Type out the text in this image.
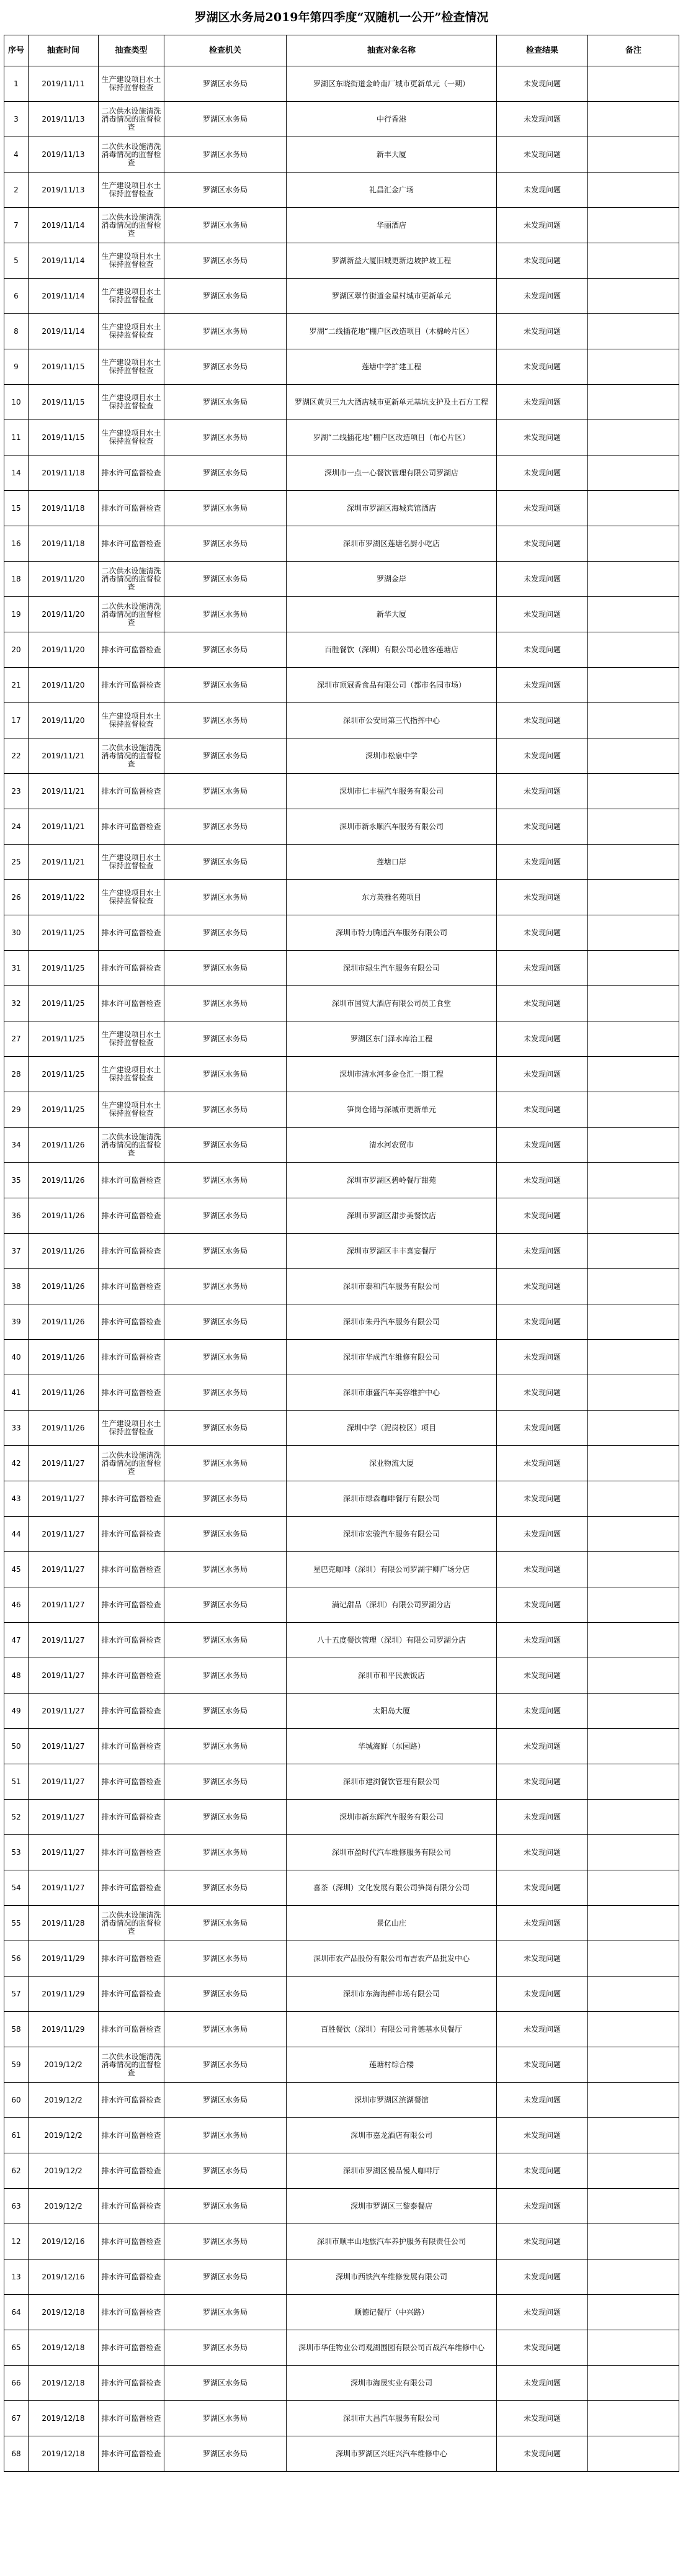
罗湖区水务局2019年第四季度“双随机一公开”检查情况
序号	抽查时间	抽查类型	检查机关	抽查对象名称	检查结果	备注
1	2019/11/11	生产建设项目水土保持监督检查	罗湖区水务局	罗湖区东晓街道金岭南厂城市更新单元（一期）	未发现问题	
3	2019/11/13	二次供水设施清洗消毒情况的监督检查	罗湖区水务局	中行香港	未发现问题	
4	2019/11/13	二次供水设施清洗消毒情况的监督检查	罗湖区水务局	新丰大厦	未发现问题	
2	2019/11/13	生产建设项目水土保持监督检查	罗湖区水务局	礼昌汇金广场	未发现问题	
7	2019/11/14	二次供水设施清洗消毒情况的监督检查	罗湖区水务局	华丽酒店	未发现问题	
5	2019/11/14	生产建设项目水土保持监督检查	罗湖区水务局	罗湖新益大厦旧城更新边坡护坡工程	未发现问题	
6	2019/11/14	生产建设项目水土保持监督检查	罗湖区水务局	罗湖区翠竹街道金星村城市更新单元	未发现问题	
8	2019/11/14	生产建设项目水土保持监督检查	罗湖区水务局	罗湖“二线插花地”棚户区改造项目（木棉岭片区）	未发现问题	
9	2019/11/15	生产建设项目水土保持监督检查	罗湖区水务局	莲塘中学扩建工程	未发现问题	
10	2019/11/15	生产建设项目水土保持监督检查	罗湖区水务局	罗湖区黄贝三九大酒店城市更新单元基坑支护及土石方工程	未发现问题	
11	2019/11/15	生产建设项目水土保持监督检查	罗湖区水务局	罗湖“二线插花地”棚户区改造项目（布心片区）	未发现问题	
14	2019/11/18	排水许可监督检查	罗湖区水务局	深圳市一点一心餐饮管理有限公司罗湖店	未发现问题	
15	2019/11/18	排水许可监督检查	罗湖区水务局	深圳市罗湖区海城宾馆酒店	未发现问题	
16	2019/11/18	排水许可监督检查	罗湖区水务局	深圳市罗湖区莲塘名厨小吃店	未发现问题	
18	2019/11/20	二次供水设施清洗消毒情况的监督检查	罗湖区水务局	罗湖金岸	未发现问题	
19	2019/11/20	二次供水设施清洗消毒情况的监督检查	罗湖区水务局	新华大厦	未发现问题	
20	2019/11/20	排水许可监督检查	罗湖区水务局	百胜餐饮（深圳）有限公司必胜客莲塘店	未发现问题	
21	2019/11/20	排水许可监督检查	罗湖区水务局	深圳市顶冠香食品有限公司（都市名园市场）	未发现问题	
17	2019/11/20	生产建设项目水土保持监督检查	罗湖区水务局	深圳市公安局第三代指挥中心	未发现问题	
22	2019/11/21	二次供水设施清洗消毒情况的监督检查	罗湖区水务局	深圳市松泉中学	未发现问题	
23	2019/11/21	排水许可监督检查	罗湖区水务局	深圳市仁丰福汽车服务有限公司	未发现问题	
24	2019/11/21	排水许可监督检查	罗湖区水务局	深圳市新永顺汽车服务有限公司	未发现问题	
25	2019/11/21	生产建设项目水土保持监督检查	罗湖区水务局	莲塘口岸	未发现问题	
26	2019/11/22	生产建设项目水土保持监督检查	罗湖区水务局	东方英雅名苑项目	未发现问题	
30	2019/11/25	排水许可监督检查	罗湖区水务局	深圳市特力腾通汽车服务有限公司	未发现问题	
31	2019/11/25	排水许可监督检查	罗湖区水务局	深圳市绿生汽车服务有限公司	未发现问题	
32	2019/11/25	排水许可监督检查	罗湖区水务局	深圳市国贸大酒店有限公司员工食堂	未发现问题	
27	2019/11/25	生产建设项目水土保持监督检查	罗湖区水务局	罗湖区东门泽水库治工程	未发现问题	
28	2019/11/25	生产建设项目水土保持监督检查	罗湖区水务局	深圳市清水河多金仓汇一期工程	未发现问题	
29	2019/11/25	生产建设项目水土保持监督检查	罗湖区水务局	笋岗仓储与深城市更新单元	未发现问题	
34	2019/11/26	二次供水设施清洗消毒情况的监督检查	罗湖区水务局	清水河农贸市	未发现问题	
35	2019/11/26	排水许可监督检查	罗湖区水务局	深圳市罗湖区碧岭餐厅甜苑	未发现问题	
36	2019/11/26	排水许可监督检查	罗湖区水务局	深圳市罗湖区甜步美餐饮店	未发现问题	
37	2019/11/26	排水许可监督检查	罗湖区水务局	深圳市罗湖区丰丰喜宴餐厅	未发现问题	
38	2019/11/26	排水许可监督检查	罗湖区水务局	深圳市泰和汽车服务有限公司	未发现问题	
39	2019/11/26	排水许可监督检查	罗湖区水务局	深圳市朱丹汽车服务有限公司	未发现问题	
40	2019/11/26	排水许可监督检查	罗湖区水务局	深圳市华成汽车维修有限公司	未发现问题	
41	2019/11/26	排水许可监督检查	罗湖区水务局	深圳市康盛汽车美容维护中心	未发现问题	
33	2019/11/26	生产建设项目水土保持监督检查	罗湖区水务局	深圳中学（泥岗校区）项目	未发现问题	
42	2019/11/27	二次供水设施清洗消毒情况的监督检查	罗湖区水务局	深业物流大厦	未发现问题	
43	2019/11/27	排水许可监督检查	罗湖区水务局	深圳市绿森咖啡餐厅有限公司	未发现问题	
44	2019/11/27	排水许可监督检查	罗湖区水务局	深圳市宏骏汽车服务有限公司	未发现问题	
45	2019/11/27	排水许可监督检查	罗湖区水务局	星巴克咖啡（深圳）有限公司罗湖宇卿广场分店	未发现问题	
46	2019/11/27	排水许可监督检查	罗湖区水务局	满记甜品（深圳）有限公司罗湖分店	未发现问题	
47	2019/11/27	排水许可监督检查	罗湖区水务局	八十五度餐饮管理（深圳）有限公司罗湖分店	未发现问题	
48	2019/11/27	排水许可监督检查	罗湖区水务局	深圳市和平民族饭店	未发现问题	
49	2019/11/27	排水许可监督检查	罗湖区水务局	太阳岛大厦	未发现问题	
50	2019/11/27	排水许可监督检查	罗湖区水务局	华城海鲜（东园路）	未发现问题	
51	2019/11/27	排水许可监督检查	罗湖区水务局	深圳市建浏餐饮管理有限公司	未发现问题	
52	2019/11/27	排水许可监督检查	罗湖区水务局	深圳市新东辉汽车服务有限公司	未发现问题	
53	2019/11/27	排水许可监督检查	罗湖区水务局	深圳市盈时代汽车维修服务有限公司	未发现问题	
54	2019/11/27	排水许可监督检查	罗湖区水务局	喜茶（深圳）文化发展有限公司笋岗有限分公司	未发现问题	
55	2019/11/28	二次供水设施清洗消毒情况的监督检查	罗湖区水务局	景亿山庄	未发现问题	
56	2019/11/29	排水许可监督检查	罗湖区水务局	深圳市农产品股份有限公司布吉农产品批发中心	未发现问题	
57	2019/11/29	排水许可监督检查	罗湖区水务局	深圳市东海海鲜市场有限公司	未发现问题	
58	2019/11/29	排水许可监督检查	罗湖区水务局	百胜餐饮（深圳）有限公司肯德基水贝餐厅	未发现问题	
59	2019/12/2	二次供水设施清洗消毒情况的监督检查	罗湖区水务局	莲塘村综合楼	未发现问题	
60	2019/12/2	排水许可监督检查	罗湖区水务局	深圳市罗湖区滨湖餐馆	未发现问题	
61	2019/12/2	排水许可监督检查	罗湖区水务局	深圳市嘉龙酒店有限公司	未发现问题	
62	2019/12/2	排水许可监督检查	罗湖区水务局	深圳市罗湖区慢品慢人咖啡厅	未发现问题	
63	2019/12/2	排水许可监督检查	罗湖区水务局	深圳市罗湖区三黎泰餐店	未发现问题	
12	2019/12/16	排水许可监督检查	罗湖区水务局	深圳市顺丰山地旅汽车养护服务有限责任公司	未发现问题	
13	2019/12/16	排水许可监督检查	罗湖区水务局	深圳市西铁汽车维修发展有限公司	未发现问题	
64	2019/12/18	排水许可监督检查	罗湖区水务局	顺德记餐厅（中兴路）	未发现问题	
65	2019/12/18	排水许可监督检查	罗湖区水务局	深圳市华佳物业公司观湖围园有限公司百战汽车维修中心	未发现问题	
66	2019/12/18	排水许可监督检查	罗湖区水务局	深圳市海晟实业有限公司	未发现问题	
67	2019/12/18	排水许可监督检查	罗湖区水务局	深圳市大昌汽车服务有限公司	未发现问题	
68	2019/12/18	排水许可监督检查	罗湖区水务局	深圳市罗湖区兴旺兴汽车维修中心	未发现问题	
